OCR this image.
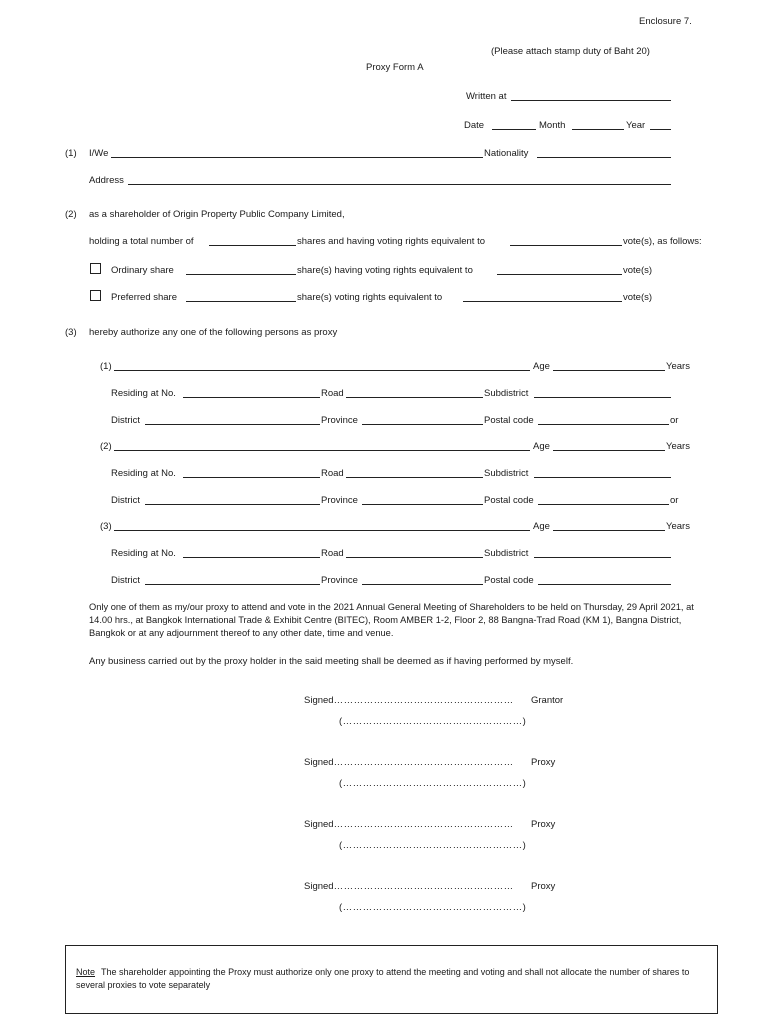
Enclosure 7.
(Please attach stamp duty of Baht 20)
Proxy Form A
Written at
Date	Month	Year
(1) I/We	Nationality
Address
(2) as a shareholder of Origin Property Public Company Limited,
holding a total number of	shares and having voting rights equivalent to	vote(s), as follows:
Ordinary share	share(s) having voting rights equivalent to	vote(s)
Preferred share	share(s) voting rights equivalent to	vote(s)
(3) hereby authorize any one of the following persons as proxy
(1)	Age	Years
Residing at No.	Road	Subdistrict
District	Province	Postal code	or
(2)	Age	Years
Residing at No.	Road	Subdistrict
District	Province	Postal code	or
(3)	Age	Years
Residing at No.	Road	Subdistrict
District	Province	Postal code
Only one of them as my/our proxy to attend and vote in the 2021 Annual General Meeting of Shareholders to be held on Thursday, 29 April 2021, at 14.00 hrs., at Bangkok International Trade & Exhibit Centre (BITEC), Room AMBER 1-2, Floor 2, 88 Bangna-Trad Road (KM 1), Bangna District, Bangkok or at any adjournment thereof to any other date, time and venue.
Any business carried out by the proxy holder in the said meeting shall be deemed as if having performed by myself.
Signed……………………………………………… Grantor
(………………………………………………)
Signed……………………………………………… Proxy
(………………………………………………)
Signed……………………………………………… Proxy
(………………………………………………)
Signed……………………………………………… Proxy
(………………………………………………)
Note The shareholder appointing the Proxy must authorize only one proxy to attend the meeting and voting and shall not allocate the number of shares to several proxies to vote separately
